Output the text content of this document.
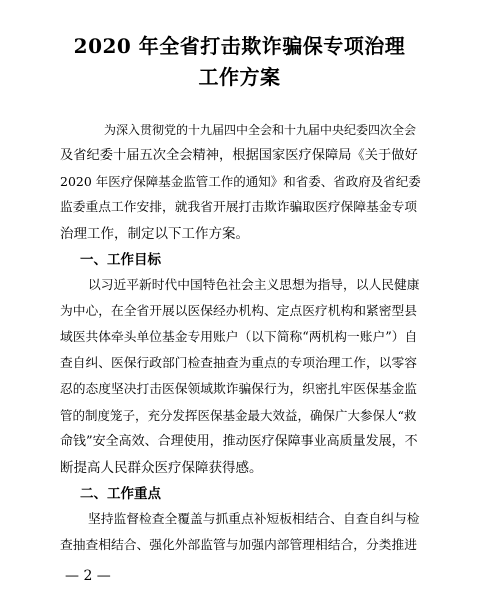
2020 年全省打击欺诈骗保专项治理
工作方案
为深入贯彻党的十九届四中全会和十九届中央纪委四次全会
及省纪委十届五次全会精神，根据国家医疗保障局《关于做好
2020 年医疗保障基金监管工作的通知》和省委、省政府及省纪委
监委重点工作安排，就我省开展打击欺诈骗取医疗保障基金专项
治理工作，制定以下工作方案。
一、工作目标
以习近平新时代中国特色社会主义思想为指导，以人民健康
为中心，在全省开展以医保经办机构、定点医疗机构和紧密型县
域医共体牵头单位基金专用账户（以下简称“两机构一账户”）自
查自纠、医保行政部门检查抽查为重点的专项治理工作，以零容
忍的态度坚决打击医保领域欺诈骗保行为，织密扎牢医保基金监
管的制度笼子，充分发挥医保基金最大效益，确保广大参保人“救
命钱”安全高效、合理使用，推动医疗保障事业高质量发展，不
断提高人民群众医疗保障获得感。
二、工作重点
坚持监督检查全覆盖与抓重点补短板相结合、自查自纠与检
查抽查相结合、强化外部监管与加强内部管理相结合，分类推进
— 2 —
